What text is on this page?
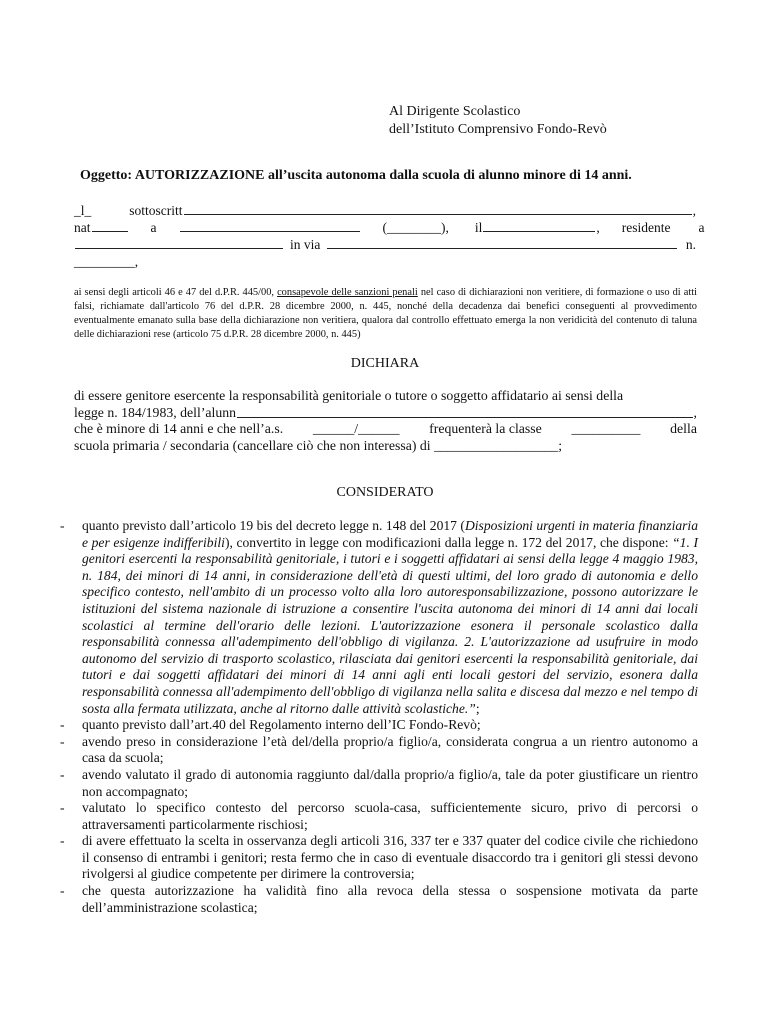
Al Dirigente Scolastico
dell’Istituto Comprensivo Fondo-Revò
Oggetto: AUTORIZZAZIONE all’uscita autonoma dalla scuola di alunno minore di 14 anni.
_l_	sottoscritt	,
nat	a	(________), il	, residente a
in via	n.
_________,
ai sensi degli articoli 46 e 47 del d.P.R. 445/00, consapevole delle sanzioni penali nel caso di dichiarazioni non veritiere, di formazione o uso di atti falsi, richiamate dall'articolo 76 del d.P.R. 28 dicembre 2000, n. 445, nonché della decadenza dai benefici conseguenti al provvedimento eventualmente emanato sulla base della dichiarazione non veritiera, qualora dal controllo effettuato emerga la non veridicità del contenuto di taluna delle dichiarazioni rese (articolo 75 d.P.R. 28 dicembre 2000, n. 445)
DICHIARA
di essere genitore esercente la responsabilità genitoriale o tutore o soggetto affidatario ai sensi della
legge n. 184/1983, dell’alunn	,
che è minore di 14 anni e che nell’a.s. ______/______ frequenterà la classe __________ della
scuola primaria / secondaria (cancellare ciò che non interessa) di __________________;
CONSIDERATO
- quanto previsto dall’articolo 19 bis del decreto legge n. 148 del 2017 (Disposizioni urgenti in materia finanziaria e per esigenze indifferibili), convertito in legge con modificazioni dalla legge n. 172 del 2017, che dispone: “1. I genitori esercenti la responsabilità genitoriale, i tutori e i soggetti affidatari ai sensi della legge 4 maggio 1983, n. 184, dei minori di 14 anni, in considerazione dell'età di questi ultimi, del loro grado di autonomia e dello specifico contesto, nell'ambito di un processo volto alla loro autoresponsabilizzazione, possono autorizzare le istituzioni del sistema nazionale di istruzione a consentire l'uscita autonoma dei minori di 14 anni dai locali scolastici al termine dell'orario delle lezioni. L'autorizzazione esonera il personale scolastico dalla responsabilità connessa all'adempimento dell'obbligo di vigilanza. 2. L'autorizzazione ad usufruire in modo autonomo del servizio di trasporto scolastico, rilasciata dai genitori esercenti la responsabilità genitoriale, dai tutori e dai soggetti affidatari dei minori di 14 anni agli enti locali gestori del servizio, esonera dalla responsabilità connessa all'adempimento dell'obbligo di vigilanza nella salita e discesa dal mezzo e nel tempo di sosta alla fermata utilizzata, anche al ritorno dalle attività scolastiche.”;
- quanto previsto dall’art.40 del Regolamento interno dell’IC Fondo-Revò;
- avendo preso in considerazione l’età del/della proprio/a figlio/a, considerata congrua a un rientro autonomo a casa da scuola;
- avendo valutato il grado di autonomia raggiunto dal/dalla proprio/a figlio/a, tale da poter giustificare un rientro non accompagnato;
- valutato lo specifico contesto del percorso scuola-casa, sufficientemente sicuro, privo di percorsi o attraversamenti particolarmente rischiosi;
- di avere effettuato la scelta in osservanza degli articoli 316, 337 ter e 337 quater del codice civile che richiedono il consenso di entrambi i genitori; resta fermo che in caso di eventuale disaccordo tra i genitori gli stessi devono rivolgersi al giudice competente per dirimere la controversia;
- che questa autorizzazione ha validità fino alla revoca della stessa o sospensione motivata da parte dell’amministrazione scolastica;
